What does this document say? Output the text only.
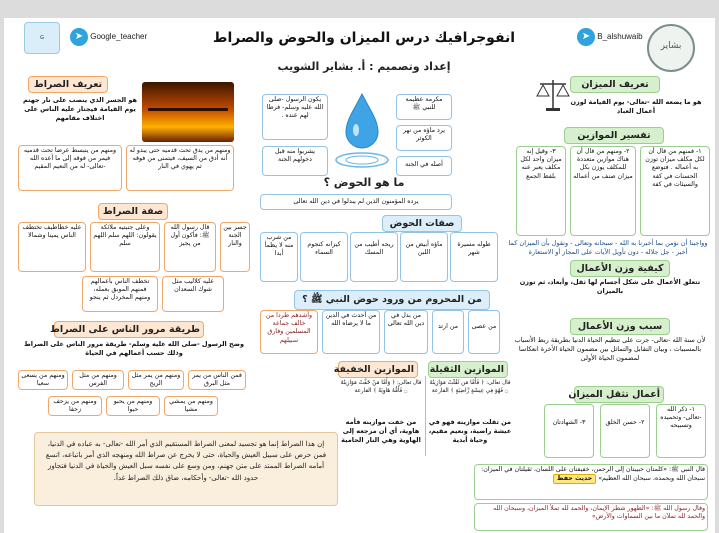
بشاير
➤ B_alshuwaib
➤ Google_teacher
G	انفوجرافيك درس الميزان والحوض والصراط
إعداد وتصميم : أ. بشاير الشويب
تعريف الميزان
هو ما يضعه الله -تعالى- يوم القيامة لوزن أعمال العباد
تفسير الموازين
١- فمنهم من قال أن لكل مكلف ميزان توزن به أعماله . فتوضع الحسنات في كفة والسيئات في كفة
٢- ومنهم من قال أن هناك موازين متعددة للمكلف يوزن بكل ميزان صنف من أعماله
٣- وقيل إنه ميزان واحد لكل مكلف يعبر عنه بلفظ الجمع
وواجبنا أن نؤمن بما أخبرنا به الله - سبحانه وتعالى - ونقول بأن الميزان كما أخبر - جل جلاله - دون تأويل الآيات على المجاز أو الاستعارة
كيفية وزن الأعمال
تتعلق الأعمال على شكل أجسام لها ثقل، وأبعاد، ثم توزن بالميزان
سبب وزن الأعمال
لأن سنة الله -تعالى- جرت على تنظيم الحياة الدنيا بطريقة ربط الأسباب بالمسببات ، وبيان التقابل والتماثل بين مضمون الحياة الأخرة انعكاسا لمضمون الحياة الأولى
أعمال تثقل الميزان
١- ذكر الله -تعالى- وتحميده وتسبيحه
٢- حسن الخلق
٣- الشهادتان
قال النبي ﷺ: «كلمتان حبيبتان إلى الرحمن، خفيفتان على اللسان، ثقيلتان في الميزان: سبحان الله وبحمده، سبحان الله العظيم» حديث حفظ
وقال رسول الله ﷺ: «الطهور شطر الإيمان، والحمد لله تملأ الميزان، وسبحان الله والحمد لله تملآن ما بين السماوات والأرض»
مكرمة عظيمة للنبي ﷺ
يرد ماؤه من نهر الكوثر
أصله في الجنة
يكون الرسول -صلى الله عليه وسلم- فرطا لهم عنده .
يشربوا منه قبل دخولهم الجنة
ما هو الحوض ؟
يرده المؤمنون الذين لم يبدلوا في دين الله تعالى
صفات الحوض
طوله مسيرة شهر
ماؤه أبيض من اللبن
ريحه أطيب من المسك
كيزانه كنجوم السماء
من شرب منه لا يظمأ أبدا
من المحروم من ورود حوض النبي ﷺ ؟
من عصى
من ارتد
من بدل في دين الله تعالى
من أحدث في الدين ما لا يرضاه الله
وأشدهم طردا من خالف جماعة المسلمين وفارق سبيلهم
الموازين الثقيلة
الموازين الخفيفة
قال تعالى: ﴿ فَأَمَّا مَن ثَقُلَتْ مَوَازِينُهُ ۝ فَهُوَ فِي عِيشَةٍ رَّاضِيَةٍ ﴾ القارعة
قال تعالى: ﴿ وَأَمَّا مَنْ خَفَّتْ مَوَازِينُهُ ۝ فَأُمُّهُ هَاوِيَةٌ ﴾ القارعة
من ثقلت موازينه فهو في عيشة راضية، ونعيم مقيم، وحياة أبدية
من خفت موازينه فأمه هاوية، أي أن مرجعه إلى الهاوية وهي النار الحامية
تعريف الصراط
هو الجسر الذي ينصب على نار جهنم يوم القيامة فيجتاز عليه الناس على اختلاف مقامهم
ومنهم من يدق تحت قدميه حتى يبدو له أنه أدق من السيف، فيتمنى من فوقه ثم يهوي في النار
ومنهم من ينبسط عرضا تحت قدميه فيمر من فوقه إلى ما أعده الله -تعالى- له من النعيم المقيم
صفة الصراط
جسر بين الجنة والنار
قال رسول الله ﷺ: فأكون أول من يجيز
وعلى جنبتيه ملائكة يقولون: اللهم سلم اللهم سلم
عليه خطاطيف تختطف الناس يمينا وشمالا
عليه كلاليب مثل شوك السعدان
تخطف الناس بأعمالهم فمنهم الموبق بعمله، ومنهم المخردل ثم ينجو
طريقة مرور الناس على الصراط
وضح الرسول -صلى الله عليه وسلم- طريقة مرور الناس على الصراط وذلك حسب أعمالهم في الحياة
فمن الناس من يمر مثل البرق
ومنهم من يمر مثل الريح
ومنهم من مثل الفرس
ومنهم من يسعى سعيا
ومنهم من يمشي مشيا
ومنهم من يحبو حبوا
ومنهم من يزحف زحفا
إن هذا الصراط إنما هو تجسيد لمعنى الصراط المستقيم الذي أمر الله -تعالى- به عباده في الدنيا، فمن حرص على سبيل العيش والحياة، حتى لا يخرج عن صراط الله ومنهجه الذي أمر باتباعه، اتسع أمامه الصراط الممتد على متن جهنم، ومن وسع على نفسه سبل العيش والحياة في الدنيا فتجاوز حدود الله -تعالى- وأحكامه، ضاق ذلك الصراط غداً.
